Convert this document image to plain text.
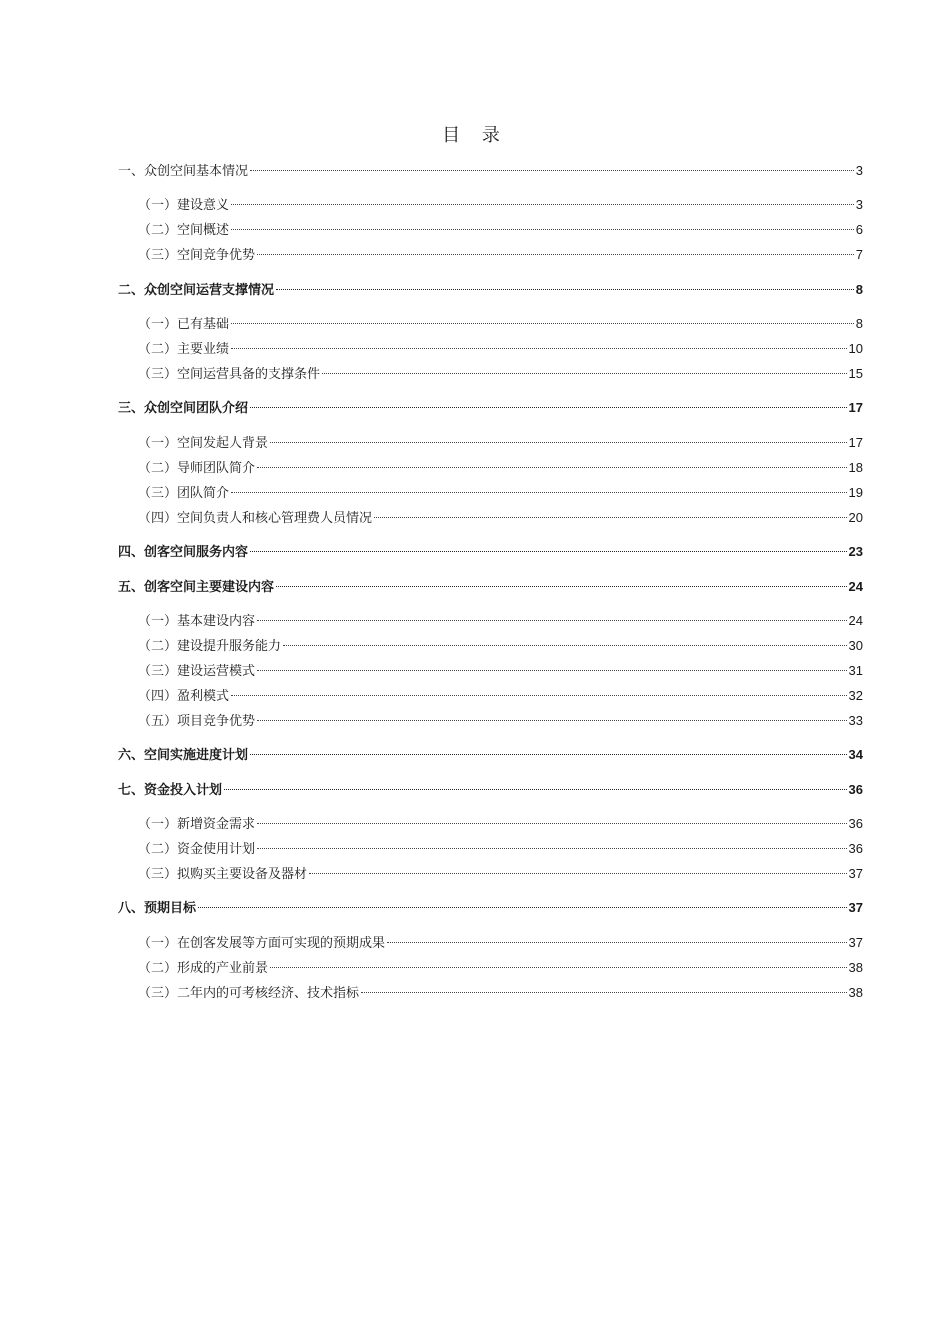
目 录
一、众创空间基本情况	3
（一）建设意义	3
（二）空间概述	6
（三）空间竞争优势	7
二、众创空间运营支撑情况	8
（一）已有基础	8
（二）主要业绩	10
（三）空间运营具备的支撑条件	15
三、众创空间团队介绍	17
（一）空间发起人背景	17
（二）导师团队简介	18
（三）团队简介	19
（四）空间负责人和核心管理费人员情况	20
四、创客空间服务内容	23
五、创客空间主要建设内容	24
（一）基本建设内容	24
（二）建设提升服务能力	30
（三）建设运营模式	31
（四）盈利模式	32
（五）项目竞争优势	33
六、空间实施进度计划	34
七、资金投入计划	36
（一）新增资金需求	36
（二）资金使用计划	36
（三）拟购买主要设备及器材	37
八、预期目标	37
（一）在创客发展等方面可实现的预期成果	37
（二）形成的产业前景	38
（三）二年内的可考核经济、技术指标	38
